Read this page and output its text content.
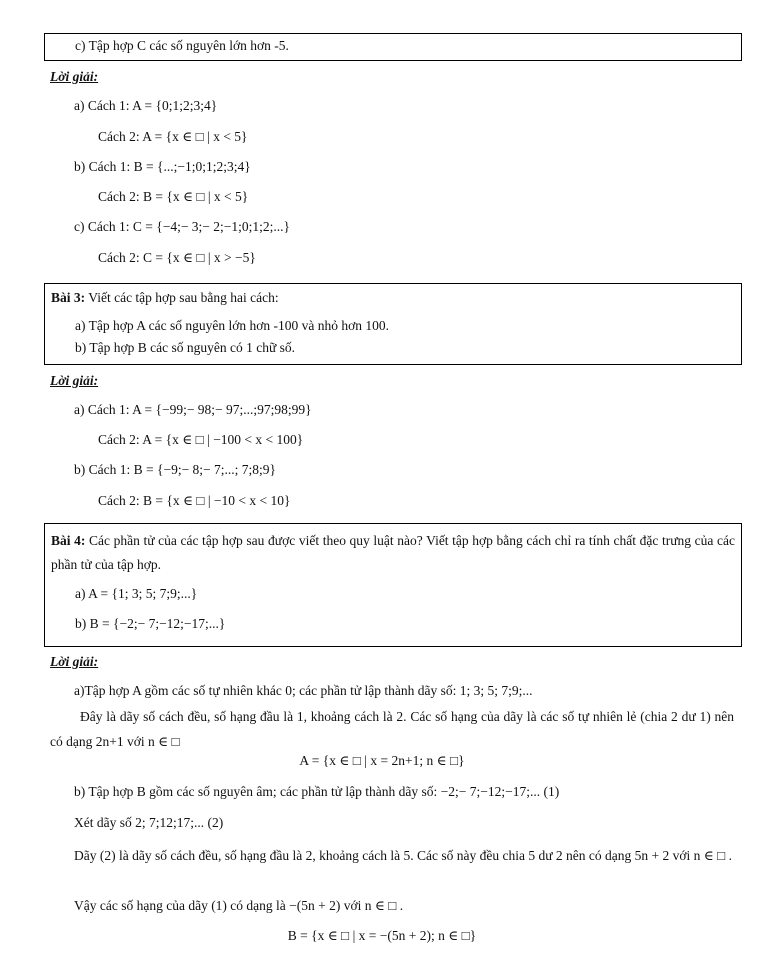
c) Tập hợp C các số nguyên lớn hơn -5.
Lời giải:
a) Cách 1: A = {0;1;2;3;4}
Cách 2: A = {x ∈ □ | x < 5}
b) Cách 1: B = {...;−1;0;1;2;3;4}
Cách 2: B = {x ∈ □ | x < 5}
c) Cách 1: C = {−4;− 3;− 2;−1;0;1;2;...}
Cách 2: C = {x ∈ □ | x > −5}
Bài 3: Viết các tập hợp sau bằng hai cách:
a) Tập hợp A các số nguyên lớn hơn -100 và nhỏ hơn 100.
b) Tập hợp B các số nguyên có 1 chữ số.
Lời giải:
a) Cách 1: A = {−99;− 98;− 97;...;97;98;99}
Cách 2: A = {x ∈ □ | −100 < x < 100}
b) Cách 1: B = {−9;− 8;− 7;...; 7;8;9}
Cách 2: B = {x ∈ □ | −10 < x < 10}
Bài 4: Các phần tử của các tập hợp sau được viết theo quy luật nào? Viết tập hợp bằng cách chỉ ra tính chất đặc trưng của các phần tử của tập hợp.
a) A = {1; 3; 5; 7;9;...}
b) B = {−2;− 7;−12;−17;...}
Lời giải:
a)Tập hợp A gồm các số tự nhiên khác 0; các phần tử lập thành dãy số: 1; 3; 5; 7;9;...
Đây là dãy số cách đều, số hạng đầu là 1, khoảng cách là 2. Các số hạng của dãy là các số tự nhiên lẻ (chia 2 dư 1) nên có dạng 2n+1 với n ∈ □
A = {x ∈ □ | x = 2n+1; n ∈ □}
b) Tập hợp B gồm các số nguyên âm; các phần tử lập thành dãy số: −2;− 7;−12;−17;... (1)
Xét dãy số 2; 7;12;17;... (2)
Dãy (2) là dãy số cách đều, số hạng đầu là 2, khoảng cách là 5. Các số này đều chia 5 dư 2 nên có dạng 5n + 2 với n ∈ □ .
Vậy các số hạng của dãy (1) có dạng là −(5n + 2) với n ∈ □ .
B = {x ∈ □ | x = −(5n + 2); n ∈ □}
